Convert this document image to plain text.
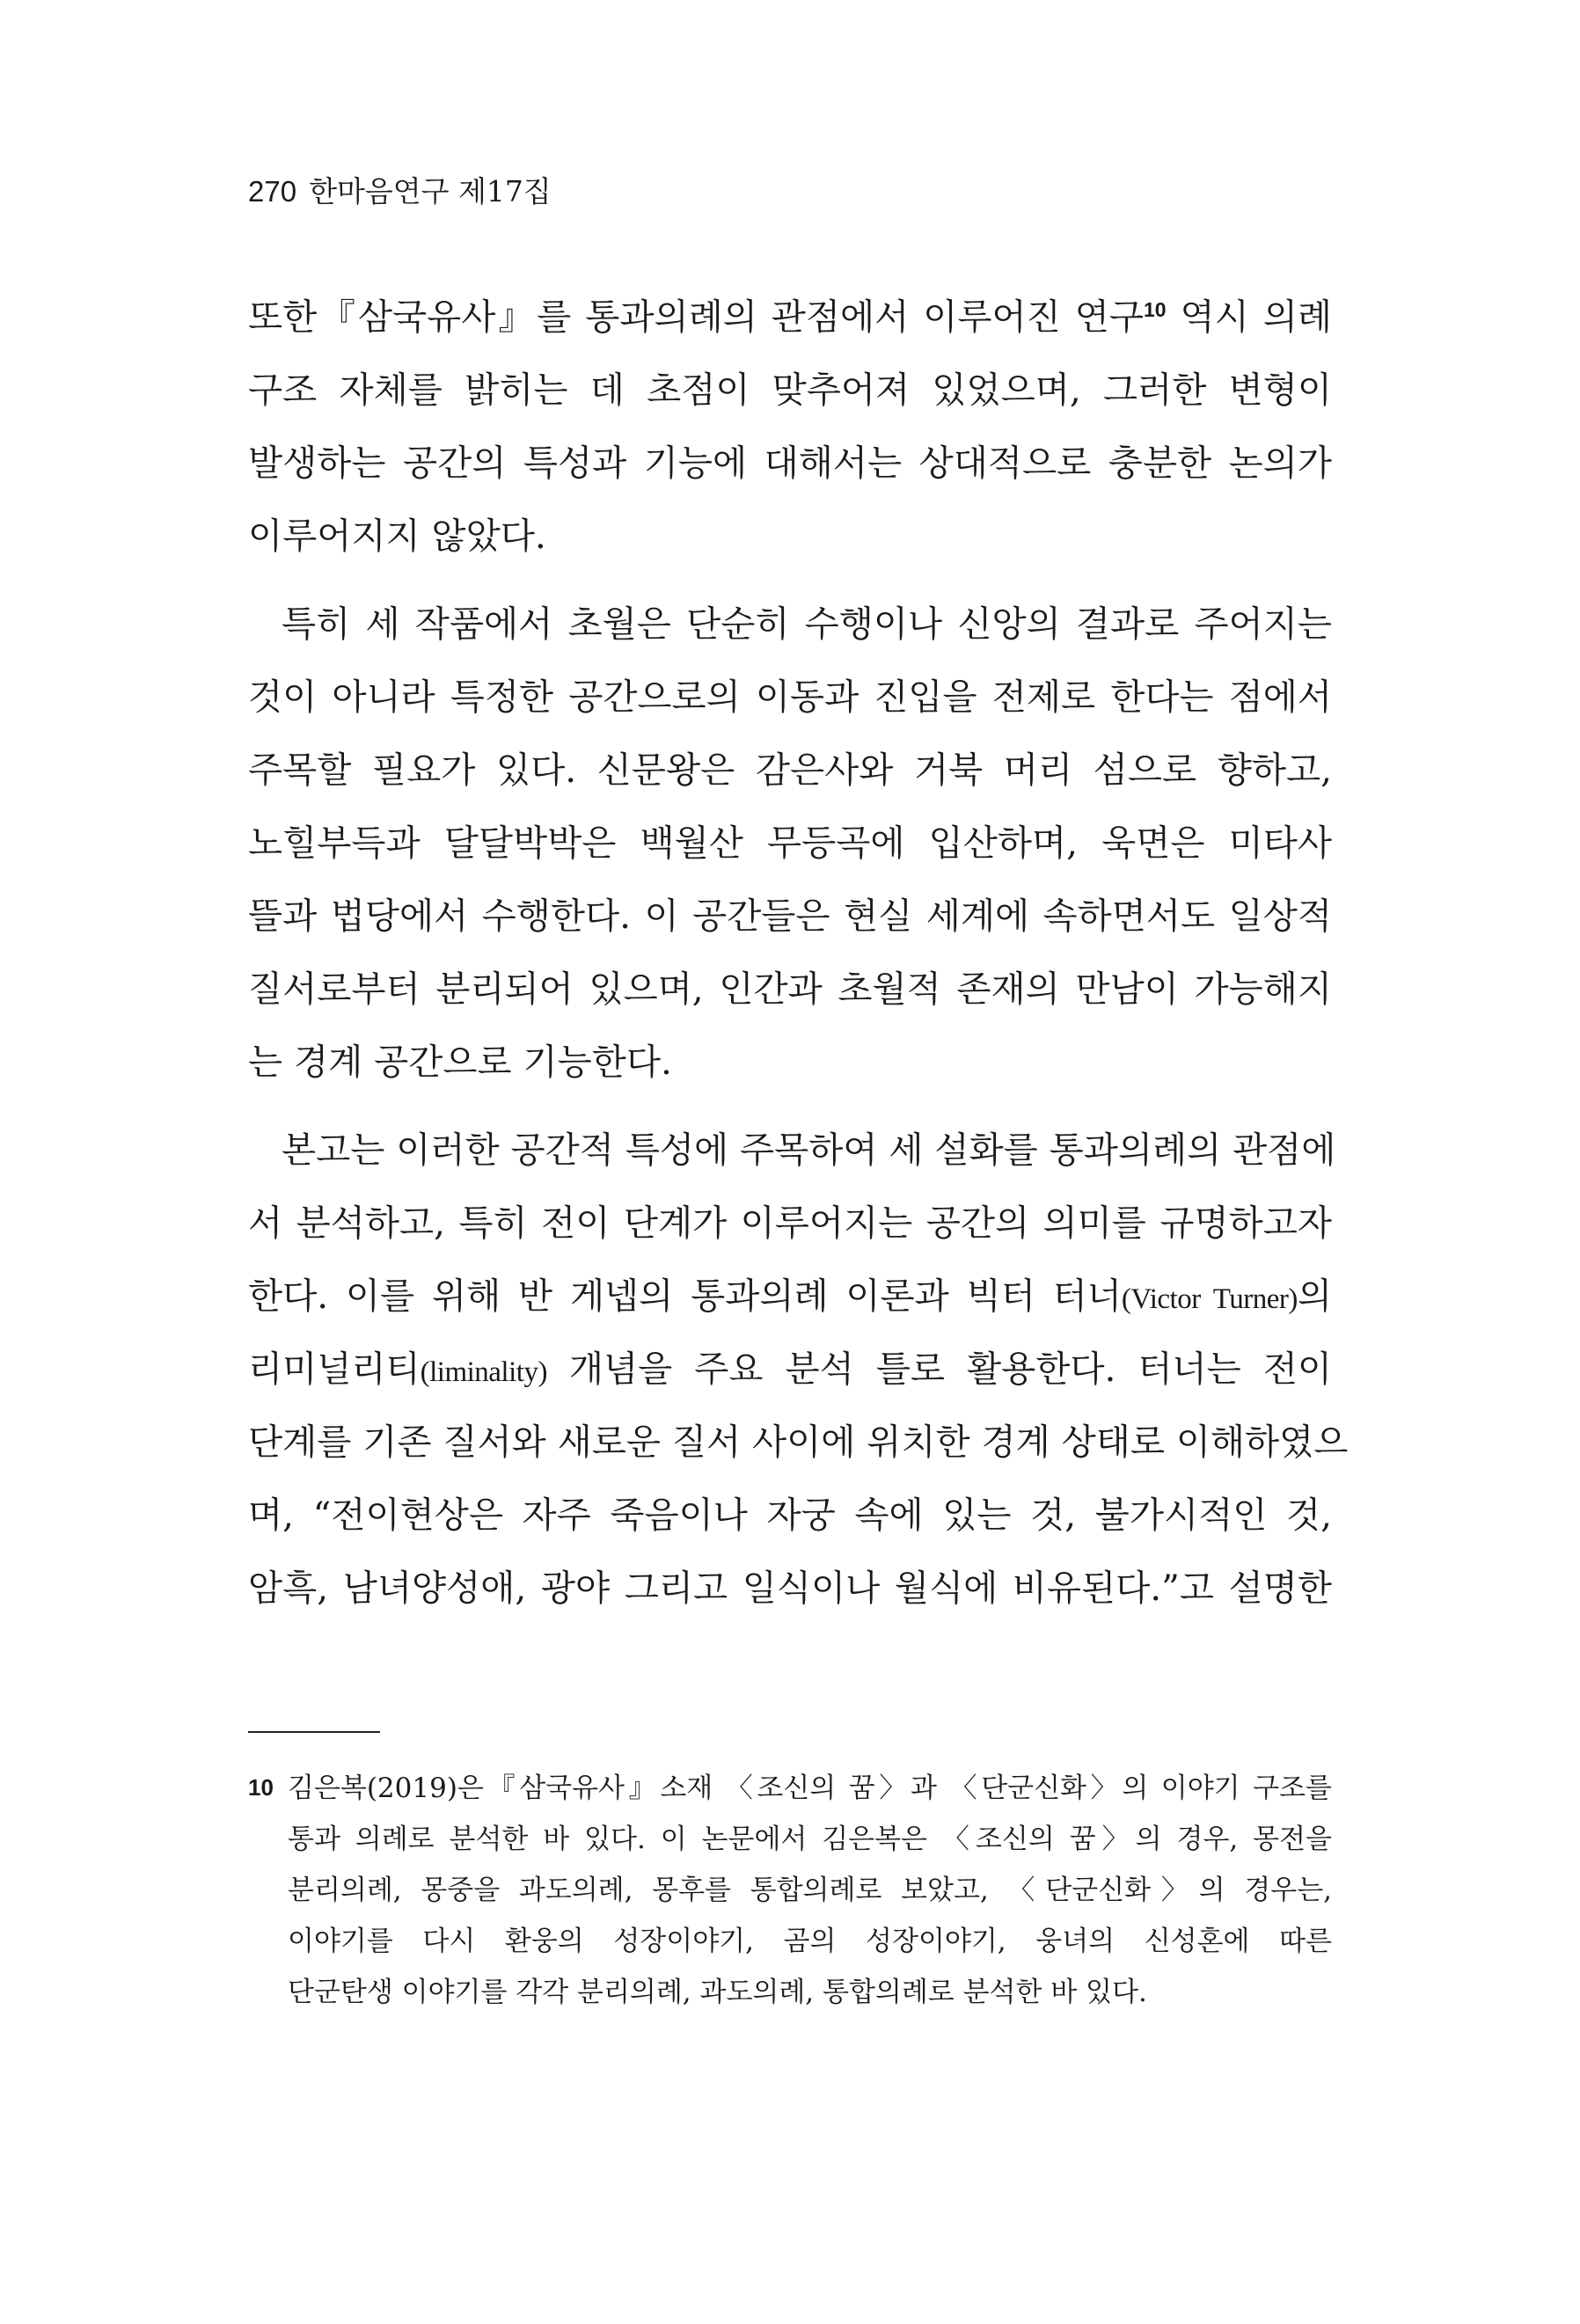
270 한마음연구 제17집
또한『삼국유사』를 통과의례의 관점에서 이루어진 연구$^{10}$ 역시 의례
구조 자체를 밝히는 데 초점이 맞추어져 있었으며, 그러한 변형이
발생하는 공간의 특성과 기능에 대해서는 상대적으로 충분한 논의가
이루어지지 않았다.
특히 세 작품에서 초월은 단순히 수행이나 신앙의 결과로 주어지는
것이 아니라 특정한 공간으로의 이동과 진입을 전제로 한다는 점에서
주목할 필요가 있다. 신문왕은 감은사와 거북 머리 섬으로 향하고,
노힐부득과 달달박박은 백월산 무등곡에 입산하며, 욱면은 미타사
뜰과 법당에서 수행한다. 이 공간들은 현실 세계에 속하면서도 일상적
질서로부터 분리되어 있으며, 인간과 초월적 존재의 만남이 가능해지
는 경계 공간으로 기능한다.
본고는 이러한 공간적 특성에 주목하여 세 설화를 통과의례의 관점에
서 분석하고, 특히 전이 단계가 이루어지는 공간의 의미를 규명하고자
한다. 이를 위해 반 게넵의 통과의례 이론과 빅터 터너(Victor Turner)의
리미널리티(liminality) 개념을 주요 분석 틀로 활용한다. 터너는 전이
단계를 기존 질서와 새로운 질서 사이에 위치한 경계 상태로 이해하였으
며, “전이현상은 자주 죽음이나 자궁 속에 있는 것, 불가시적인 것,
암흑, 남녀양성애, 광야 그리고 일식이나 월식에 비유된다.”고 설명한
10 김은복(2019)은『삼국유사』소재 〈조신의 꿈〉과 〈단군신화〉의 이야기 구조를
통과 의례로 분석한 바 있다. 이 논문에서 김은복은 〈조신의 꿈〉의 경우, 몽전을
분리의례, 몽중을 과도의례, 몽후를 통합의례로 보았고, 〈단군신화〉의 경우는,
이야기를 다시 환웅의 성장이야기, 곰의 성장이야기, 웅녀의 신성혼에 따른
단군탄생 이야기를 각각 분리의례, 과도의례, 통합의례로 분석한 바 있다.
